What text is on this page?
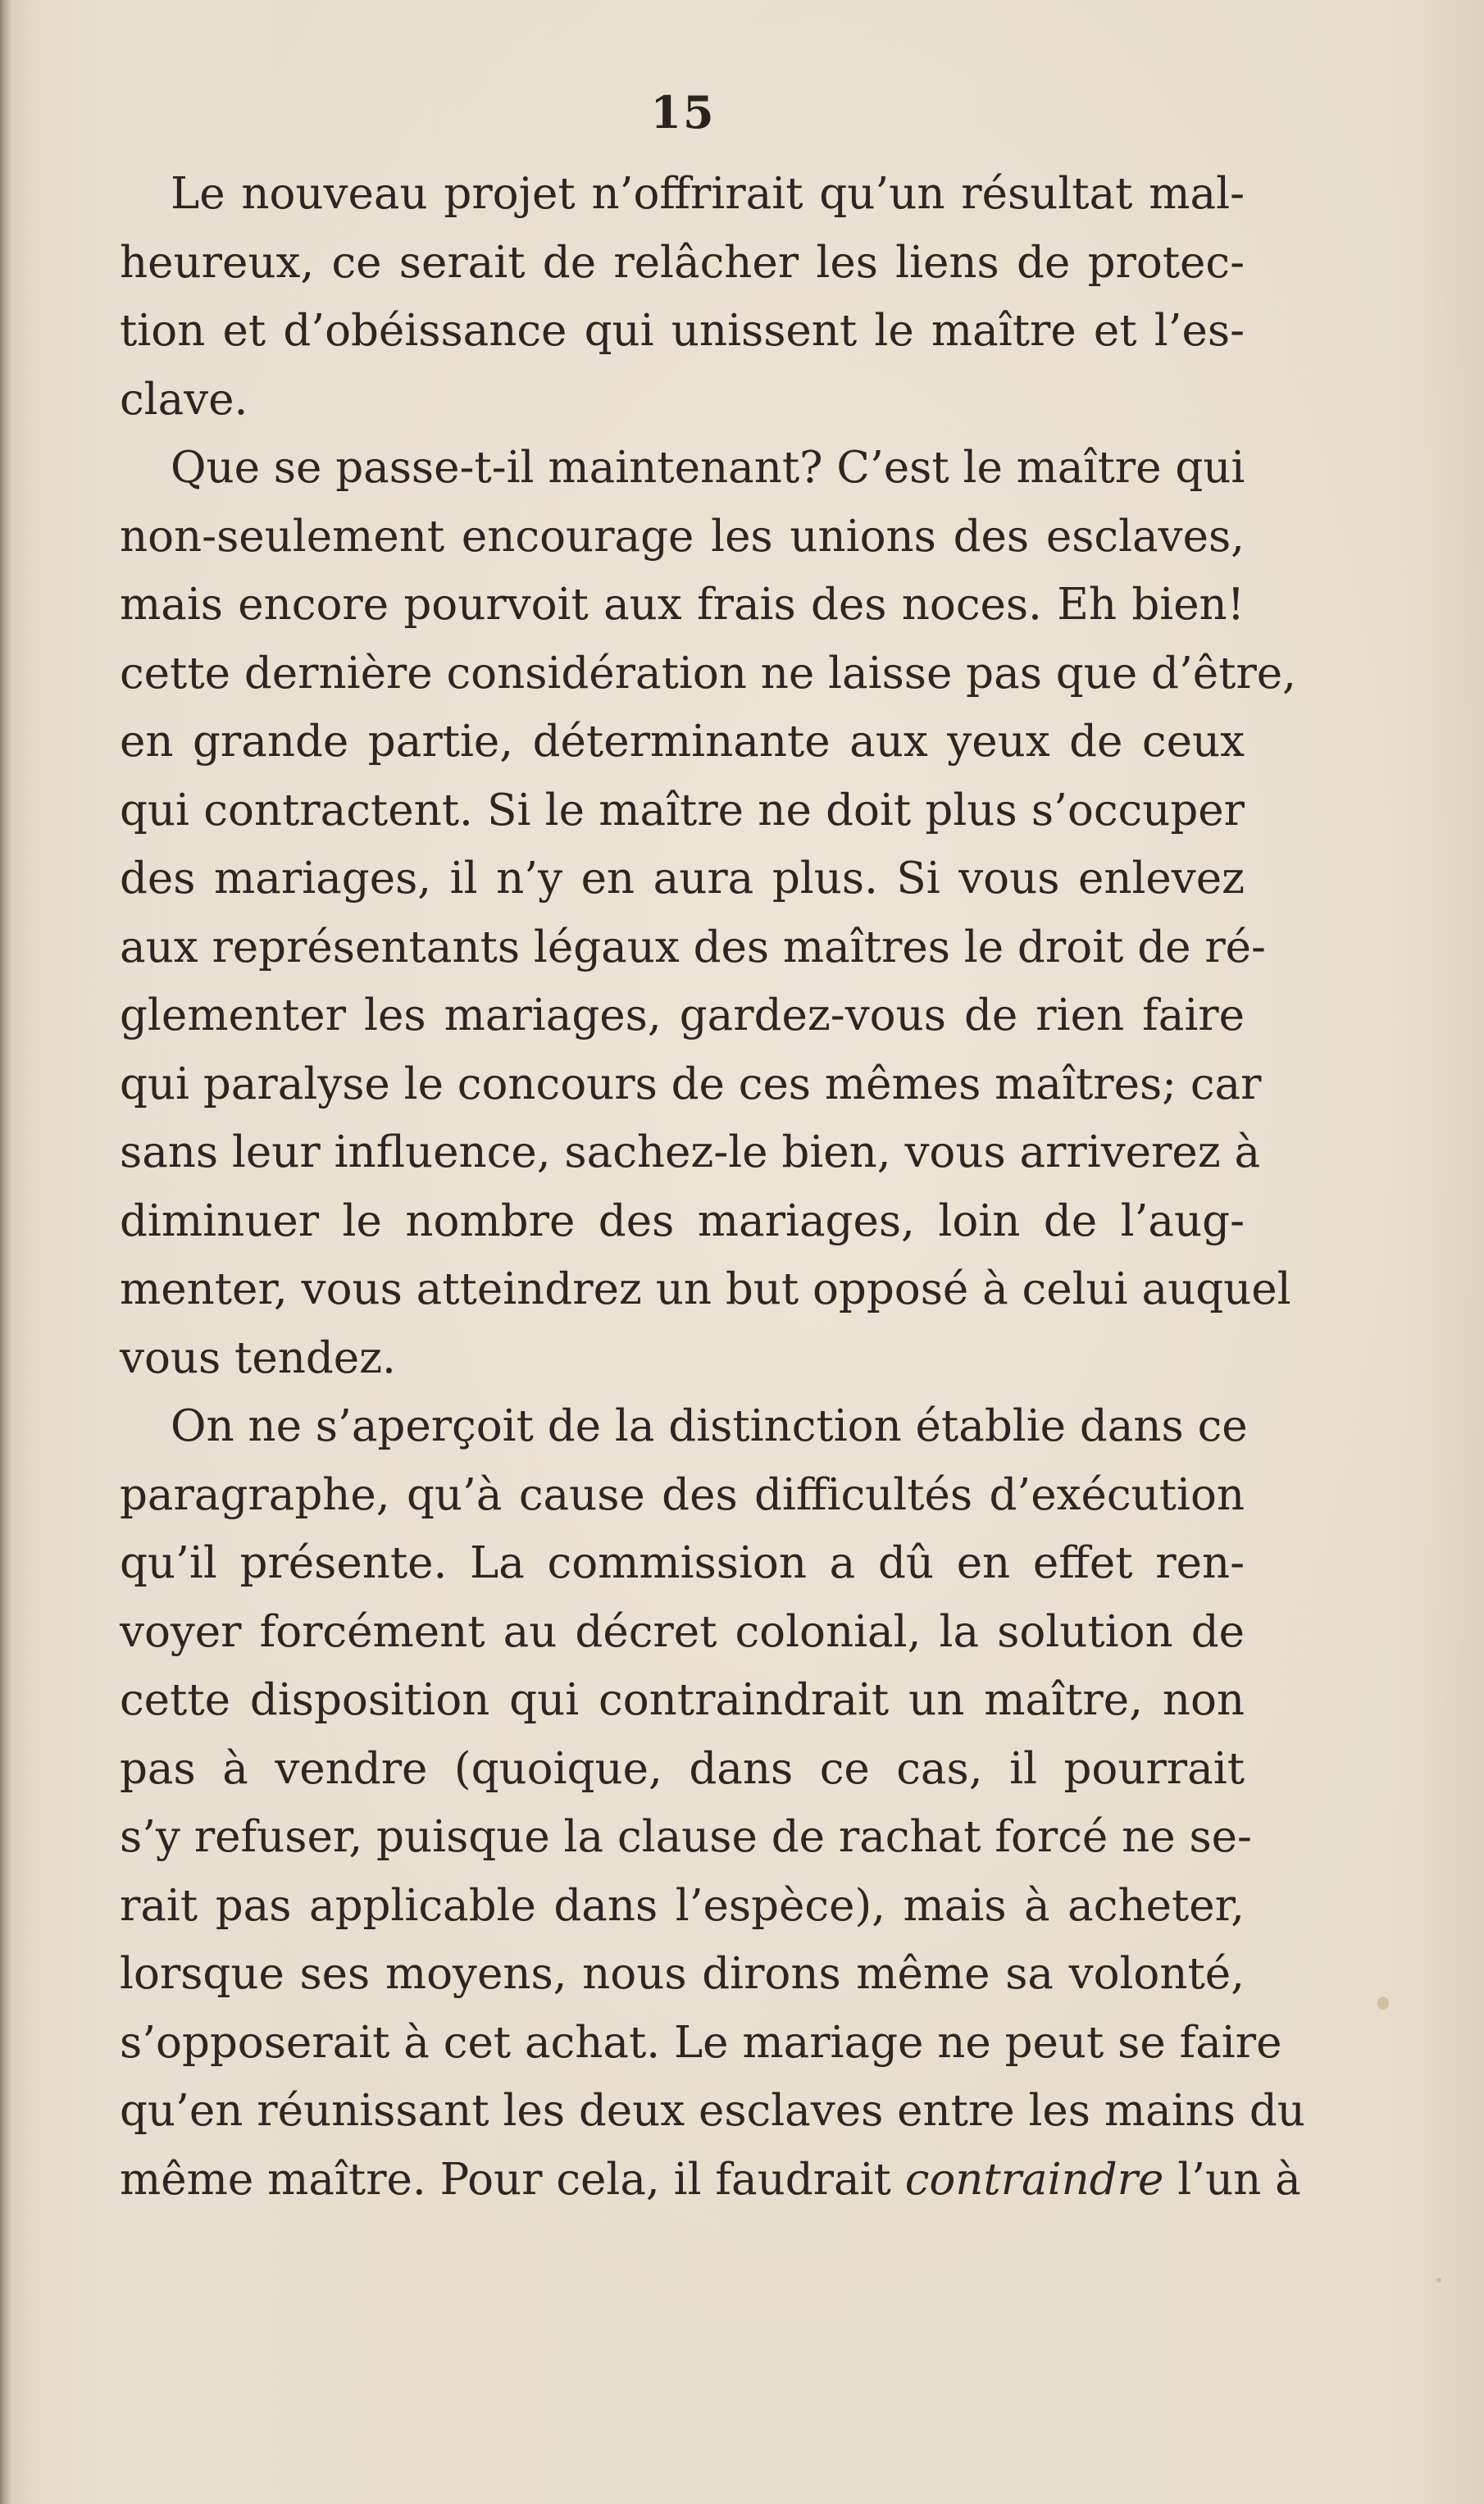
15
Le nouveau projet n’offrirait qu’un résultat mal-
heureux, ce serait de relâcher les liens de protec-
tion et d’obéissance qui unissent le maître et l’es-
clave.
Que se passe-t-il maintenant? C’est le maître qui
non-seulement encourage les unions des esclaves,
mais encore pourvoit aux frais des noces. Eh bien!
cette dernière considération ne laisse pas que d’être,
en grande partie, déterminante aux yeux de ceux
qui contractent. Si le maître ne doit plus s’occuper
des mariages, il n’y en aura plus. Si vous enlevez
aux représentants légaux des maîtres le droit de ré-
glementer les mariages, gardez-vous de rien faire
qui paralyse le concours de ces mêmes maîtres; car
sans leur influence, sachez-le bien, vous arriverez à
diminuer le nombre des mariages, loin de l’aug-
menter, vous atteindrez un but opposé à celui auquel
vous tendez.
On ne s’aperçoit de la distinction établie dans ce
paragraphe, qu’à cause des difficultés d’exécution
qu’il présente. La commission a dû en effet ren-
voyer forcément au décret colonial, la solution de
cette disposition qui contraindrait un maître, non
pas à vendre (quoique, dans ce cas, il pourrait
s’y refuser, puisque la clause de rachat forcé ne se-
rait pas applicable dans l’espèce), mais à acheter,
lorsque ses moyens, nous dirons même sa volonté,
s’opposerait à cet achat. Le mariage ne peut se faire
qu’en réunissant les deux esclaves entre les mains du
même maître. Pour cela, il faudrait contraindre l’un à
